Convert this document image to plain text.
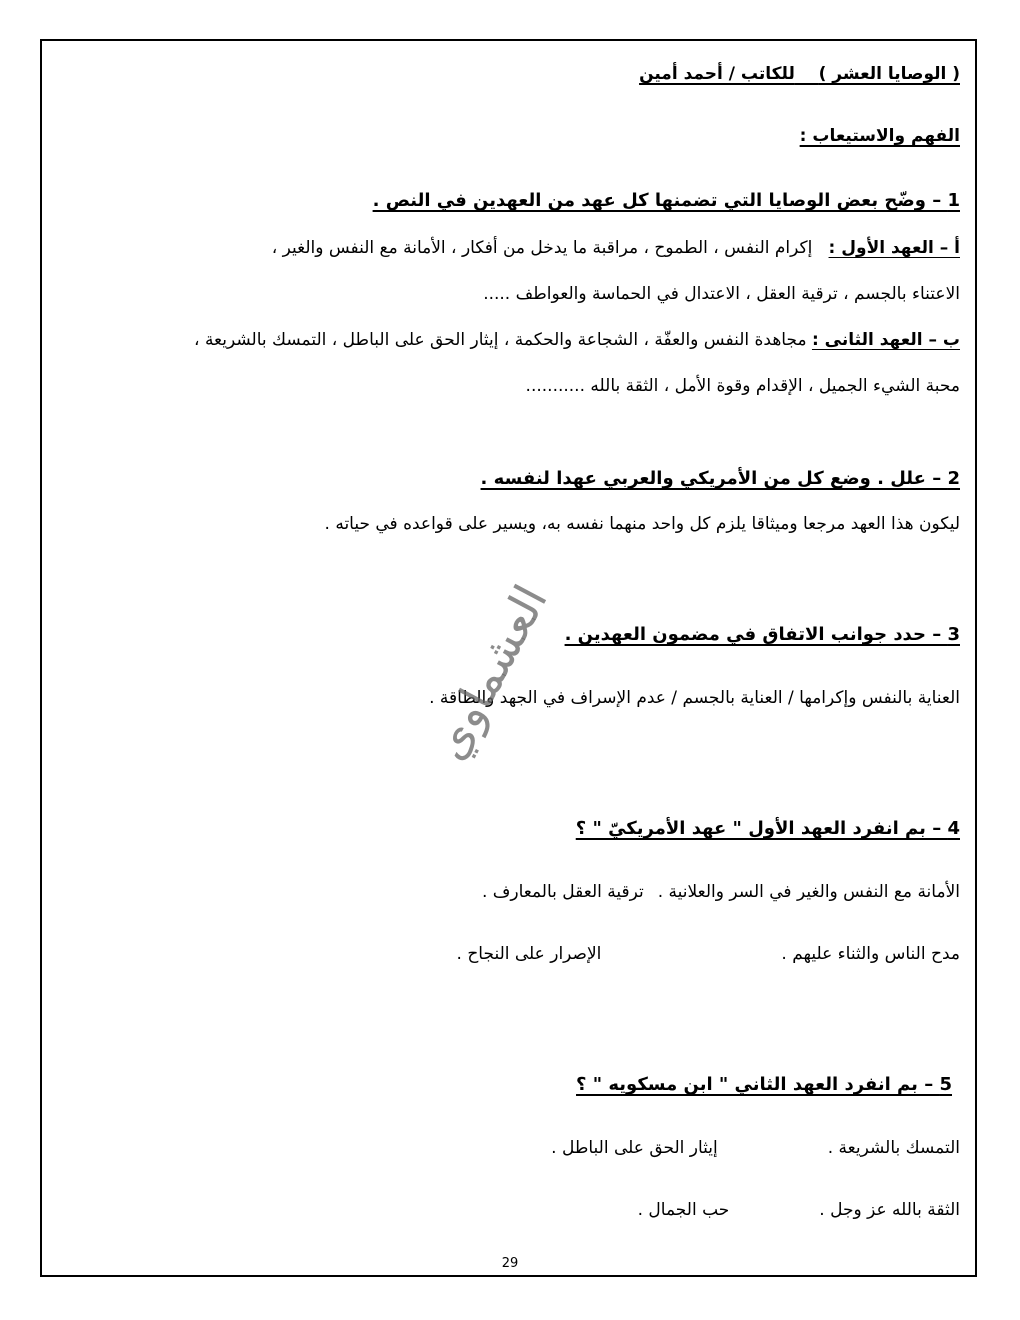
( الوصايا العشر )    للكاتب / أحمد أمين
الفهم والاستيعاب :
1 – وضّح بعض الوصايا التي تضمنها كل عهد من العهدين في النص .
أ – العهد الأول :   إكرام النفس ، الطموح ، مراقبة ما يدخل من أفكار ، الأمانة مع النفس والغير ،
الاعتناء بالجسم ، ترقية العقل ، الاعتدال في الحماسة والعواطف .....
ب – العهد الثانى : مجاهدة النفس والعفّة ، الشجاعة والحكمة ، إيثار الحق على الباطل ، التمسك بالشريعة ،
محبة الشيء الجميل ، الإقدام وقوة الأمل ، الثقة بالله ...........
2 – علل . وضع كل من الأمريكي والعربي عهدا لنفسه .
ليكون هذا العهد مرجعا وميثاقا يلزم كل واحد منهما نفسه به، ويسير على قواعده في حياته .
3 – حدد جوانب الاتفاق في مضمون العهدين .
العناية بالنفس وإكرامها / العناية بالجسم / عدم الإسراف في الجهد والطاقة .
العشماوي
4 – بم انفرد العهد الأول " عهد الأمريكيّ " ؟
الأمانة مع النفس والغير في السر والعلانية .ترقية العقل بالمعارف .
مدح الناس والثناء عليهم .الإصرار على النجاح .
5 – بم انفرد العهد الثاني " ابن مسكويه " ؟
التمسك بالشريعة .إيثار الحق على الباطل .
الثقة بالله عز وجل .حب الجمال .
29
